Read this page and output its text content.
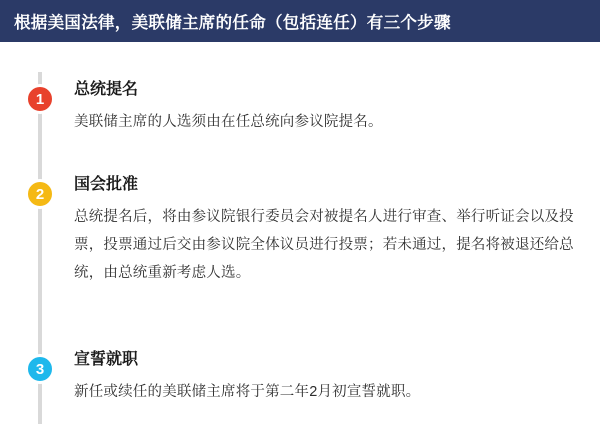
根据美国法律，美联储主席的任命（包括连任）有三个步骤
1

总统提名

美联储主席的人选须由在任总统向参议院提名。

2

国会批准

总统提名后，将由参议院银行委员会对被提名人进行审查、举行听证会以及投票，投票通过后交由参议院全体议员进行投票；若未通过，提名将被退还给总统，由总统重新考虑人选。

3

宣誓就职

新任或续任的美联储主席将于第二年2月初宣誓就职。
